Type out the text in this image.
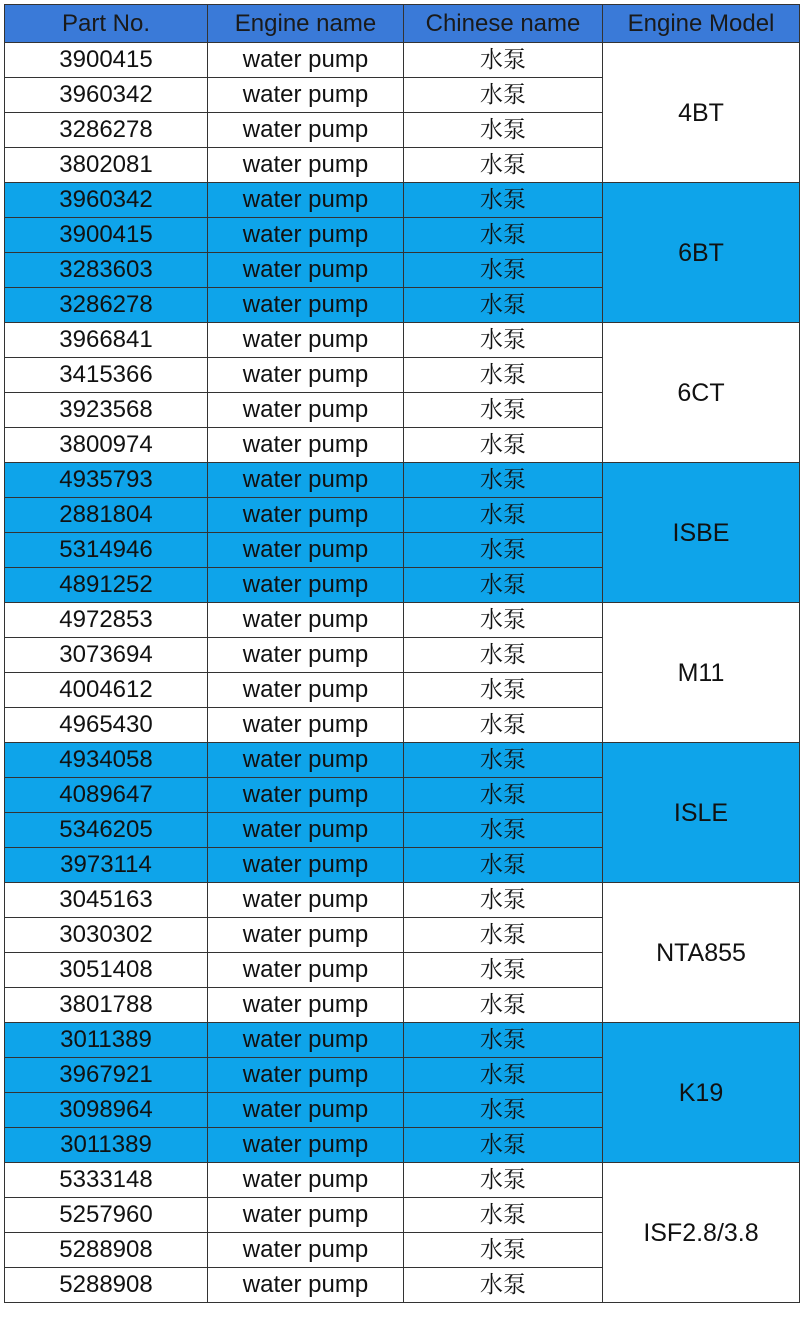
Part No.	Engine name	Chinese name	Engine Model
3900415	water pump	水泵	4BT
3960342	water pump	水泵	
3286278	water pump	水泵	
3802081	water pump	水泵	
3960342	water pump	水泵	6BT
3900415	water pump	水泵	
3283603	water pump	水泵	
3286278	water pump	水泵	
3966841	water pump	水泵	6CT
3415366	water pump	水泵	
3923568	water pump	水泵	
3800974	water pump	水泵	
4935793	water pump	水泵	ISBE
2881804	water pump	水泵	
5314946	water pump	水泵	
4891252	water pump	水泵	
4972853	water pump	水泵	M11
3073694	water pump	水泵	
4004612	water pump	水泵	
4965430	water pump	水泵	
4934058	water pump	水泵	ISLE
4089647	water pump	水泵	
5346205	water pump	水泵	
3973114	water pump	水泵	
3045163	water pump	水泵	NTA855
3030302	water pump	水泵	
3051408	water pump	水泵	
3801788	water pump	水泵	
3011389	water pump	水泵	K19
3967921	water pump	水泵	
3098964	water pump	水泵	
3011389	water pump	水泵	
5333148	water pump	水泵	ISF2.8/3.8
5257960	water pump	水泵	
5288908	water pump	水泵	
5288908	water pump	水泵	
